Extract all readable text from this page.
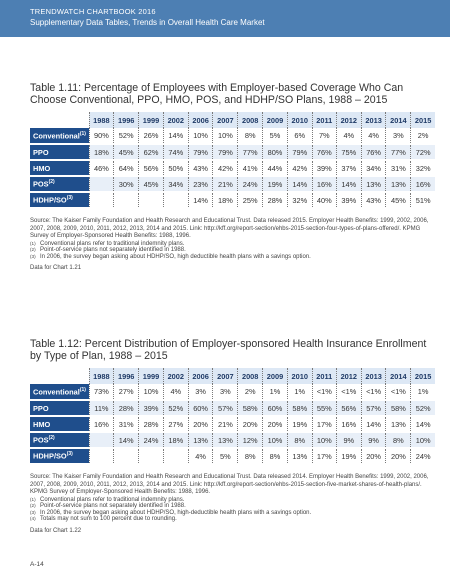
TRENDWATCH CHARTBOOK 2016
Supplementary Data Tables, Trends in Overall Health Care Market
Table 1.11: Percentage of Employees with Employer-based Coverage Who Can Choose Conventional, PPO, HMO, POS, and HDHP/SO Plans, 1988 – 2015
	1988	1996	1999	2002	2006	2007	2008	2009	2010	2011	2012	2013	2014	2015
Conventional$^{(1)}$	90%	52%	26%	14%	10%	10%	8%	5%	6%	7%	4%	4%	3%	2%
PPO	18%	45%	62%	74%	79%	79%	77%	80%	79%	76%	75%	76%	77%	72%
HMO	46%	64%	56%	50%	43%	42%	41%	44%	42%	39%	37%	34%	31%	32%
POS$^{(2)}$		30%	45%	34%	23%	21%	24%	19%	14%	16%	14%	13%	13%	16%
HDHP/SO$^{(3)}$					14%	18%	25%	28%	32%	40%	39%	43%	45%	51%
Source: The Kaiser Family Foundation and Health Research and Educational Trust. Data released 2015. Employer Health Benefits: 1999, 2002, 2006, 2007, 2008, 2009, 2010, 2011, 2012, 2013, 2014 and 2015. Link: http://kff.org/report-section/ehbs-2015-section-four-types-of-plans-offered/. KPMG Survey of Employer-Sponsored Health Benefits: 1988, 1996.
(1) Conventional plans refer to traditional indemnity plans.
(2) Point-of-service plans not separately identified in 1988.
(3) In 2006, the survey began asking about HDHP/SO, high deductible health plans with a savings option.
Data for Chart 1.21
Table 1.12: Percent Distribution of Employer-sponsored Health Insurance Enrollment by Type of Plan, 1988 – 2015
	1988	1996	1999	2002	2006	2007	2008	2009	2010	2011	2012	2013	2014	2015
Conventional$^{(1)}$	73%	27%	10%	4%	3%	3%	2%	1%	1%	<1%	<1%	<1%	<1%	1%
PPO	11%	28%	39%	52%	60%	57%	58%	60%	58%	55%	56%	57%	58%	52%
HMO	16%	31%	28%	27%	20%	21%	20%	20%	19%	17%	16%	14%	13%	14%
POS$^{(2)}$		14%	24%	18%	13%	13%	12%	10%	8%	10%	9%	9%	8%	10%
HDHP/SO$^{(3)}$					4%	5%	8%	8%	13%	17%	19%	20%	20%	24%
Source: The Kaiser Family Foundation and Health Research and Educational Trust. Data released 2014. Employer Health Benefits: 1999, 2002, 2006, 2007, 2008, 2009, 2010, 2011, 2012, 2013, 2014 and 2015. Link: http://kff.org/report-section/ehbs-2015-section-five-market-shares-of-health-plans/. KPMG Survey of Employer-Sponsored Health Benefits: 1988, 1996.
(1) Conventional plans refer to traditional indemnity plans.
(2) Point-of-service plans not separately identified in 1988.
(3) In 2006, the survey began asking about HDHP/SO, high-deductible health plans with a savings option.
(4) Totals may not sum to 100 percent due to rounding.
Data for Chart 1.22
A-14
